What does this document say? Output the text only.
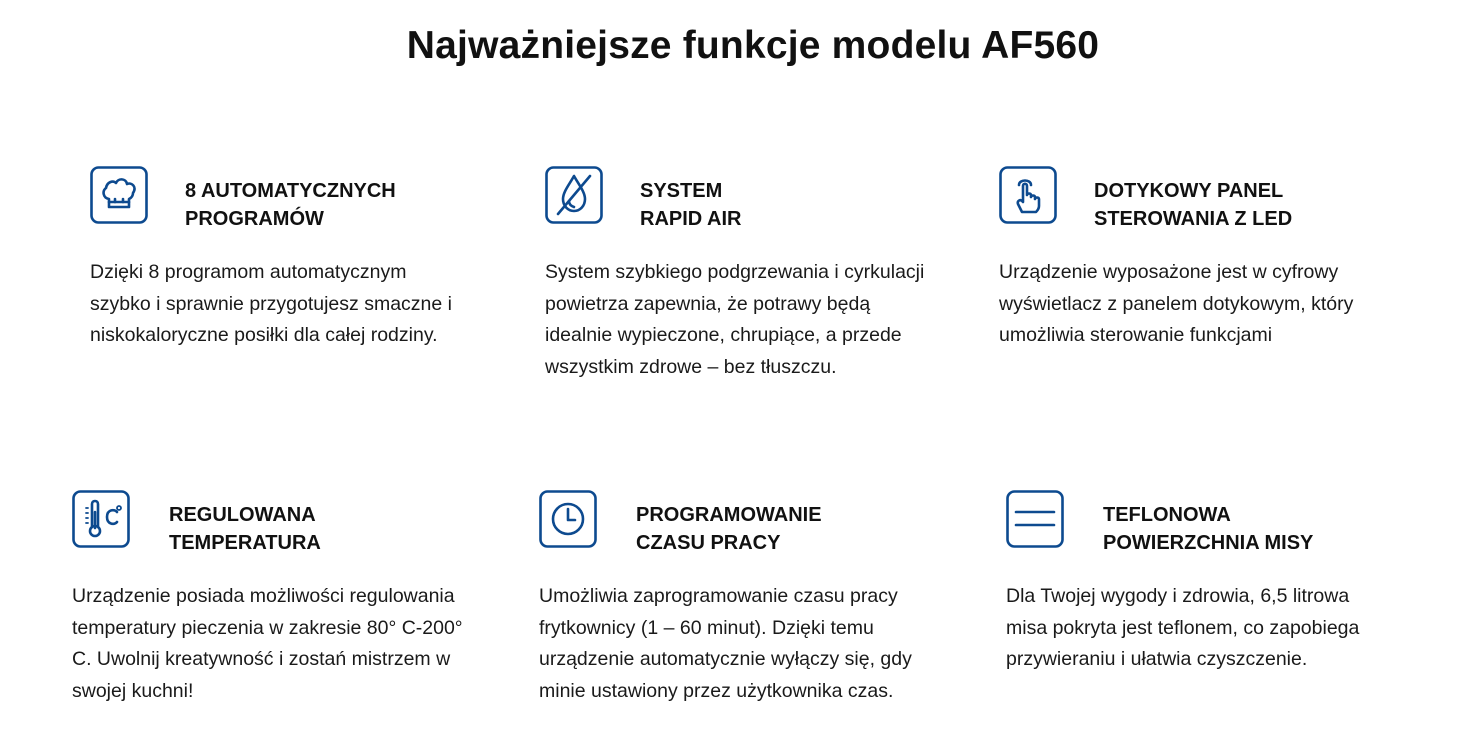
Najważniejsze funkcje modelu AF560
8 AUTOMATYCZNYCH
PROGRAMÓW
Dzięki 8 programom automatycznym
szybko i sprawnie przygotujesz smaczne i
niskokaloryczne posiłki dla całej rodziny.
SYSTEM
RAPID AIR
System szybkiego podgrzewania i cyrkulacji
powietrza zapewnia, że potrawy będą
idealnie wypieczone, chrupiące, a przede
wszystkim zdrowe – bez tłuszczu.
DOTYKOWY PANEL
STEROWANIA Z LED
Urządzenie wyposażone jest w cyfrowy
wyświetlacz z panelem dotykowym, który
umożliwia sterowanie funkcjami
REGULOWANA
TEMPERATURA
Urządzenie posiada możliwości regulowania
temperatury pieczenia w zakresie 80° C-200°
C. Uwolnij kreatywność i zostań mistrzem w
swojej kuchni!
PROGRAMOWANIE
CZASU PRACY
Umożliwia zaprogramowanie czasu pracy
frytkownicy (1 – 60 minut). Dzięki temu
urządzenie automatycznie wyłączy się, gdy
minie ustawiony przez użytkownika czas.
TEFLONOWA
POWIERZCHNIA MISY
Dla Twojej wygody i zdrowia, 6,5 litrowa
misa pokryta jest teflonem, co zapobiega
przywieraniu i ułatwia czyszczenie.
